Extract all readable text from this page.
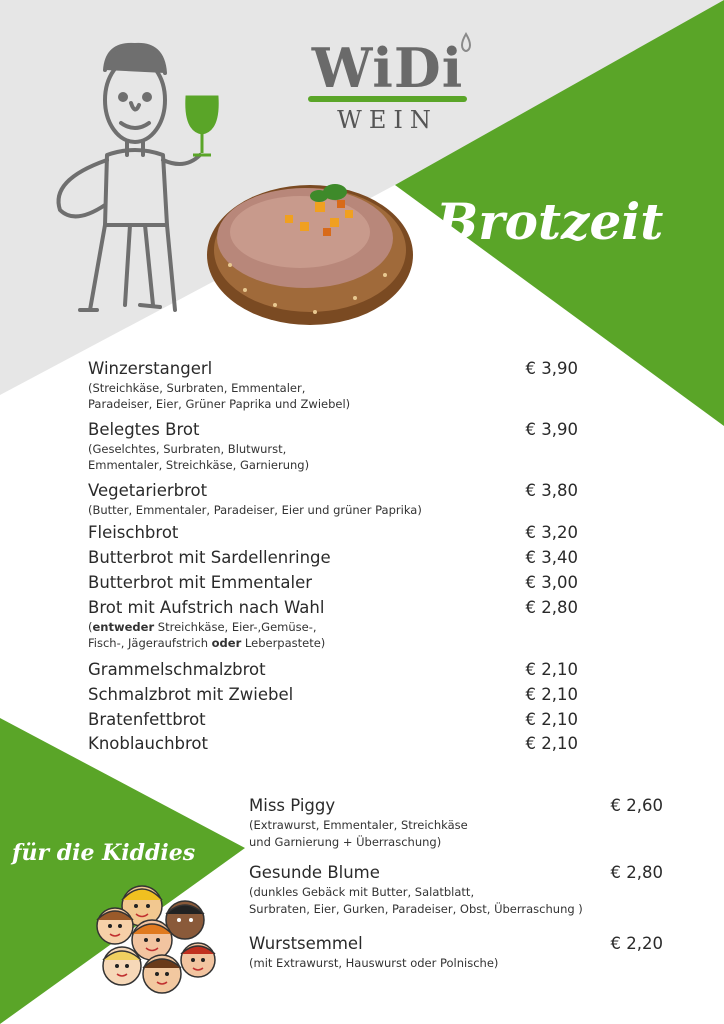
WiDi
WEIN
Brotzeit
Winzerstangerl	€ 3,90
(Streichkäse, Surbraten, Emmentaler,
Paradeiser, Eier, Grüner Paprika und Zwiebel)
Belegtes Brot	€ 3,90
(Geselchtes, Surbraten, Blutwurst,
Emmentaler, Streichkäse, Garnierung)
Vegetarierbrot	€ 3,80
(Butter, Emmentaler, Paradeiser, Eier und grüner Paprika)
Fleischbrot	€ 3,20
Butterbrot mit Sardellenringe	€ 3,40
Butterbrot mit Emmentaler	€ 3,00
Brot mit Aufstrich nach Wahl	€ 2,80
(entweder Streichkäse, Eier-,Gemüse-,
Fisch-, Jägeraufstrich oder Leberpastete)
Grammelschmalzbrot	€ 2,10
Schmalzbrot mit Zwiebel	€ 2,10
Bratenfettbrot	€ 2,10
Knoblauchbrot	€ 2,10
für die Kiddies
Miss Piggy	€ 2,60
(Extrawurst, Emmentaler, Streichkäse
und Garnierung + Überraschung)
Gesunde Blume	€ 2,80
(dunkles Gebäck mit Butter, Salatblatt,
Surbraten, Eier, Gurken, Paradeiser, Obst, Überraschung )
Wurstsemmel	€ 2,20
(mit Extrawurst, Hauswurst oder Polnische)
